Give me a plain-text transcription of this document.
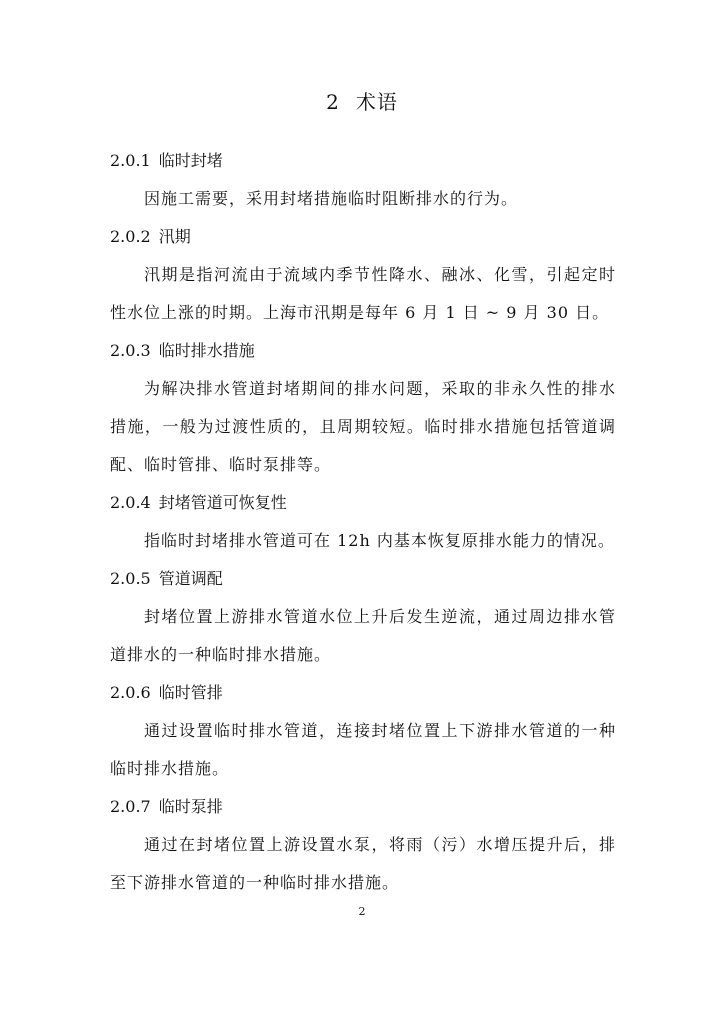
2 术语

2.0.1 临时封堵

因施工需要，采用封堵措施临时阻断排水的行为。

2.0.2 汛期

汛期是指河流由于流域内季节性降水、融冰、化雪，引起定时性水位上涨的时期。上海市汛期是每年 6 月 1 日 ~ 9 月 30 日。

2.0.3 临时排水措施

为解决排水管道封堵期间的排水问题，采取的非永久性的排水措施，一般为过渡性质的，且周期较短。临时排水措施包括管道调配、临时管排、临时泵排等。

2.0.4 封堵管道可恢复性

指临时封堵排水管道可在 12h 内基本恢复原排水能力的情况。

2.0.5 管道调配

封堵位置上游排水管道水位上升后发生逆流，通过周边排水管道排水的一种临时排水措施。

2.0.6 临时管排

通过设置临时排水管道，连接封堵位置上下游排水管道的一种临时排水措施。

2.0.7 临时泵排

通过在封堵位置上游设置水泵，将雨（污）水增压提升后，排至下游排水管道的一种临时排水措施。

2
